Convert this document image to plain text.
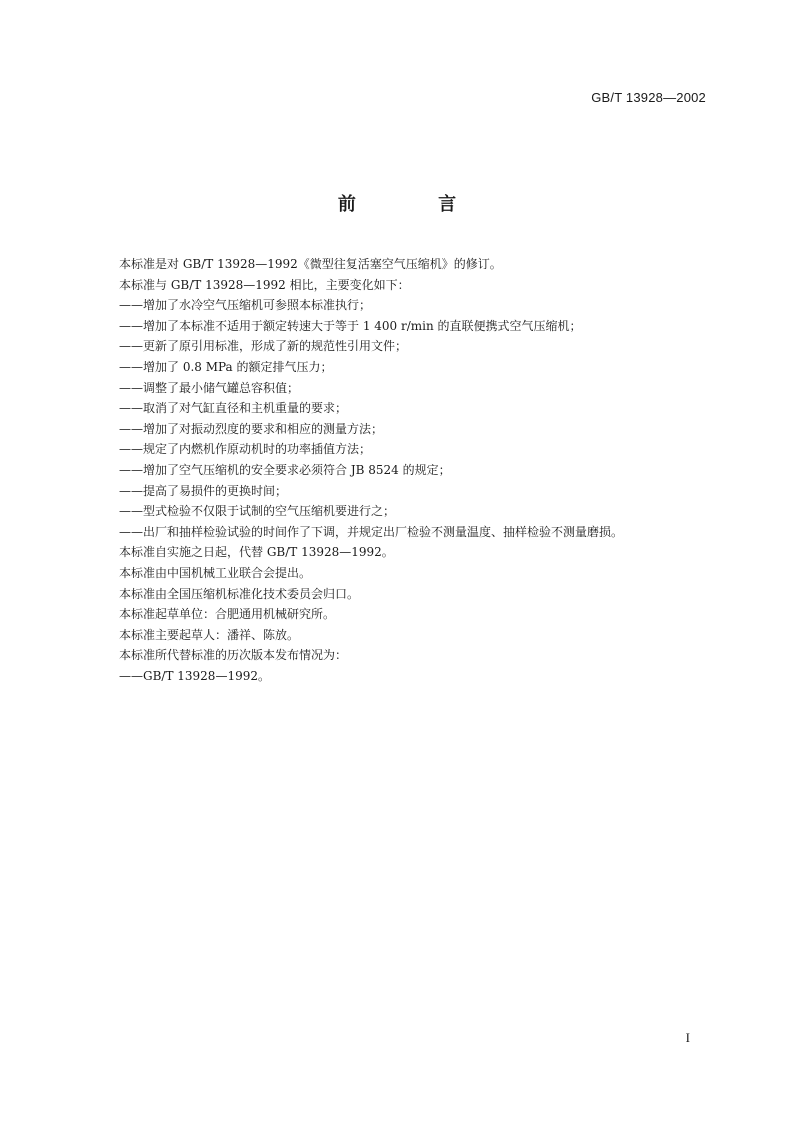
GB/T 13928—2002
前 言
本标准是对 GB/T 13928—1992《微型往复活塞空气压缩机》的修订。
本标准与 GB/T 13928—1992 相比，主要变化如下：
——增加了水冷空气压缩机可参照本标准执行；
——增加了本标准不适用于额定转速大于等于 1 400 r/min 的直联便携式空气压缩机；
——更新了原引用标准，形成了新的规范性引用文件；
——增加了 0.8 MPa 的额定排气压力；
——调整了最小储气罐总容积值；
——取消了对气缸直径和主机重量的要求；
——增加了对振动烈度的要求和相应的测量方法；
——规定了内燃机作原动机时的功率插值方法；
——增加了空气压缩机的安全要求必须符合 JB 8524 的规定；
——提高了易损件的更换时间；
——型式检验不仅限于试制的空气压缩机要进行之；
——出厂和抽样检验试验的时间作了下调，并规定出厂检验不测量温度、抽样检验不测量磨损。
本标准自实施之日起，代替 GB/T 13928—1992。
本标准由中国机械工业联合会提出。
本标准由全国压缩机标准化技术委员会归口。
本标准起草单位：合肥通用机械研究所。
本标准主要起草人：潘祥、陈放。
本标准所代替标准的历次版本发布情况为：
——GB/T 13928—1992。
I
